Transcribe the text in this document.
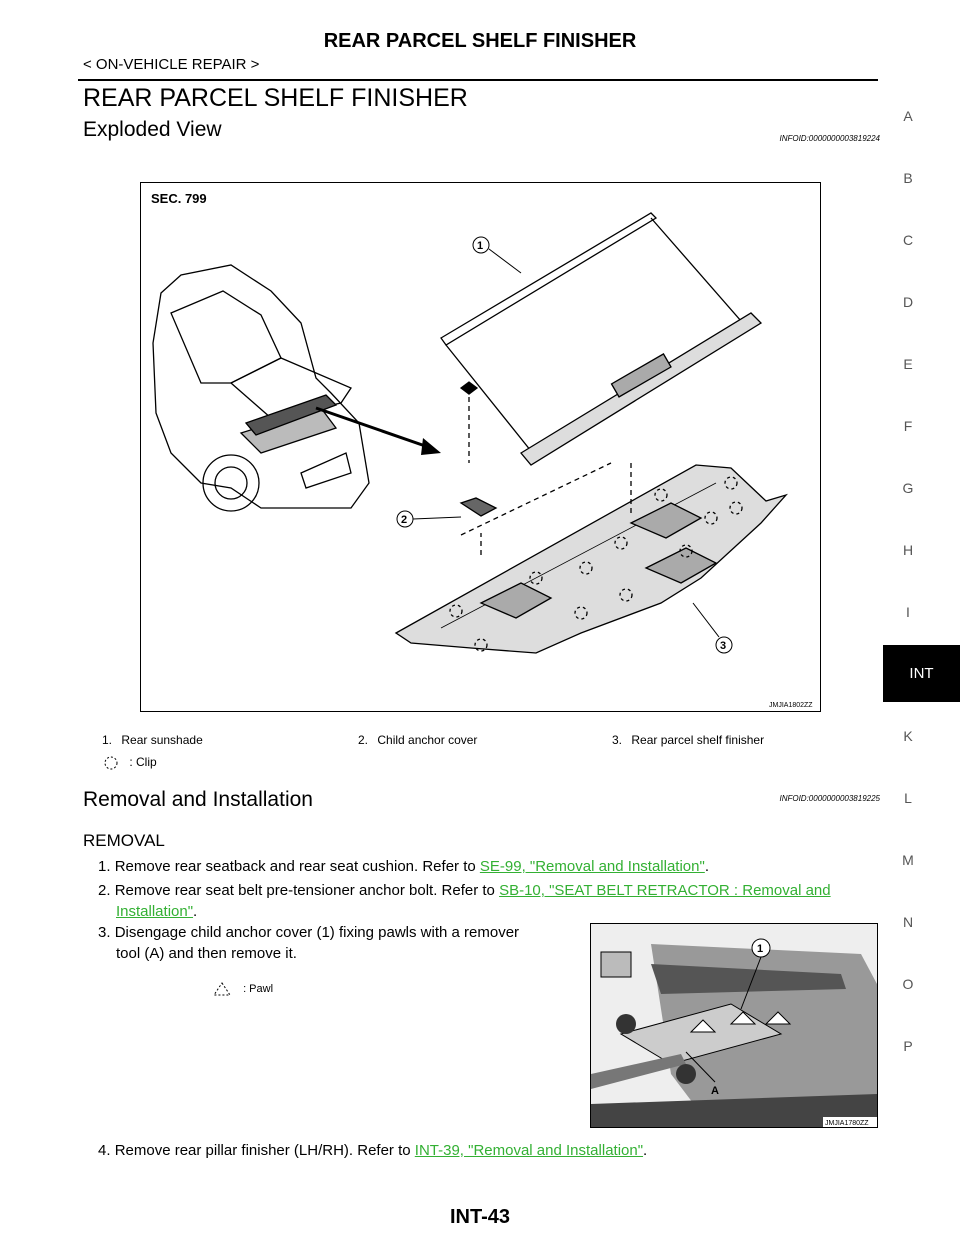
REAR PARCEL SHELF FINISHER
< ON-VEHICLE REPAIR >
REAR PARCEL SHELF FINISHER
Exploded View	INFOID:0000000003819224
SEC. 799
1
2
3
JMJIA1802ZZ
1. Rear sunshade	2. Child anchor cover	3. Rear parcel shelf finisher
: Clip
Removal and Installation	INFOID:0000000003819225
REMOVAL
1. Remove rear seatback and rear seat cushion. Refer to SE-99, "Removal and Installation".
2. Remove rear seat belt pre-tensioner anchor bolt. Refer to SB-10, "SEAT BELT RETRACTOR : Removal and Installation".
3. Disengage child anchor cover (1) fixing pawls with a remover
tool (A) and then remove it.
: Pawl
1
A
JMJIA1780ZZ
4. Remove rear pillar finisher (LH/RH). Refer to INT-39, "Removal and Installation".
INT-43
A
B
C
D
E
F
G
H
I
INT
K
L
M
N
O
P
